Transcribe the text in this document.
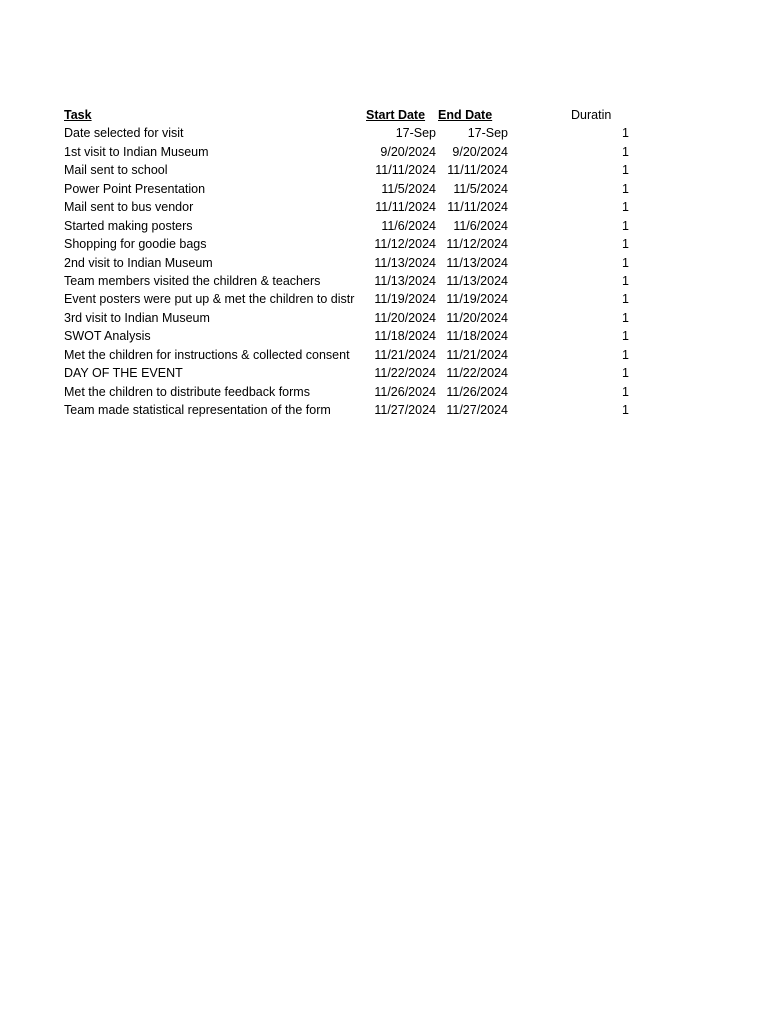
Task	Start Date End Date	Duratin
Date selected for visit	17-Sep	17-Sep	1
1st visit to Indian Museum	9/20/2024	9/20/2024	1
Mail sent to school	11/11/2024 11/11/2024	1
Power Point Presentation	11/5/2024	11/5/2024	1
Mail sent to bus vendor	11/11/2024 11/11/2024	1
Started making posters	11/6/2024	11/6/2024	1
Shopping for goodie bags	11/12/2024 11/12/2024	1
2nd visit to Indian Museum	11/13/2024 11/13/2024	1
Team members visited the children & teachers	11/13/2024 11/13/2024	1
Event posters were put up & met the children to distr	11/19/2024 11/19/2024	1
3rd visit to Indian Museum	11/20/2024 11/20/2024	1
SWOT Analysis	11/18/2024 11/18/2024	1
Met the children for instructions & collected consent	11/21/2024 11/21/2024	1
DAY OF THE EVENT	11/22/2024 11/22/2024	1
Met the children to distribute feedback forms	11/26/2024 11/26/2024	1
Team made statistical representation of the form	11/27/2024 11/27/2024	1
